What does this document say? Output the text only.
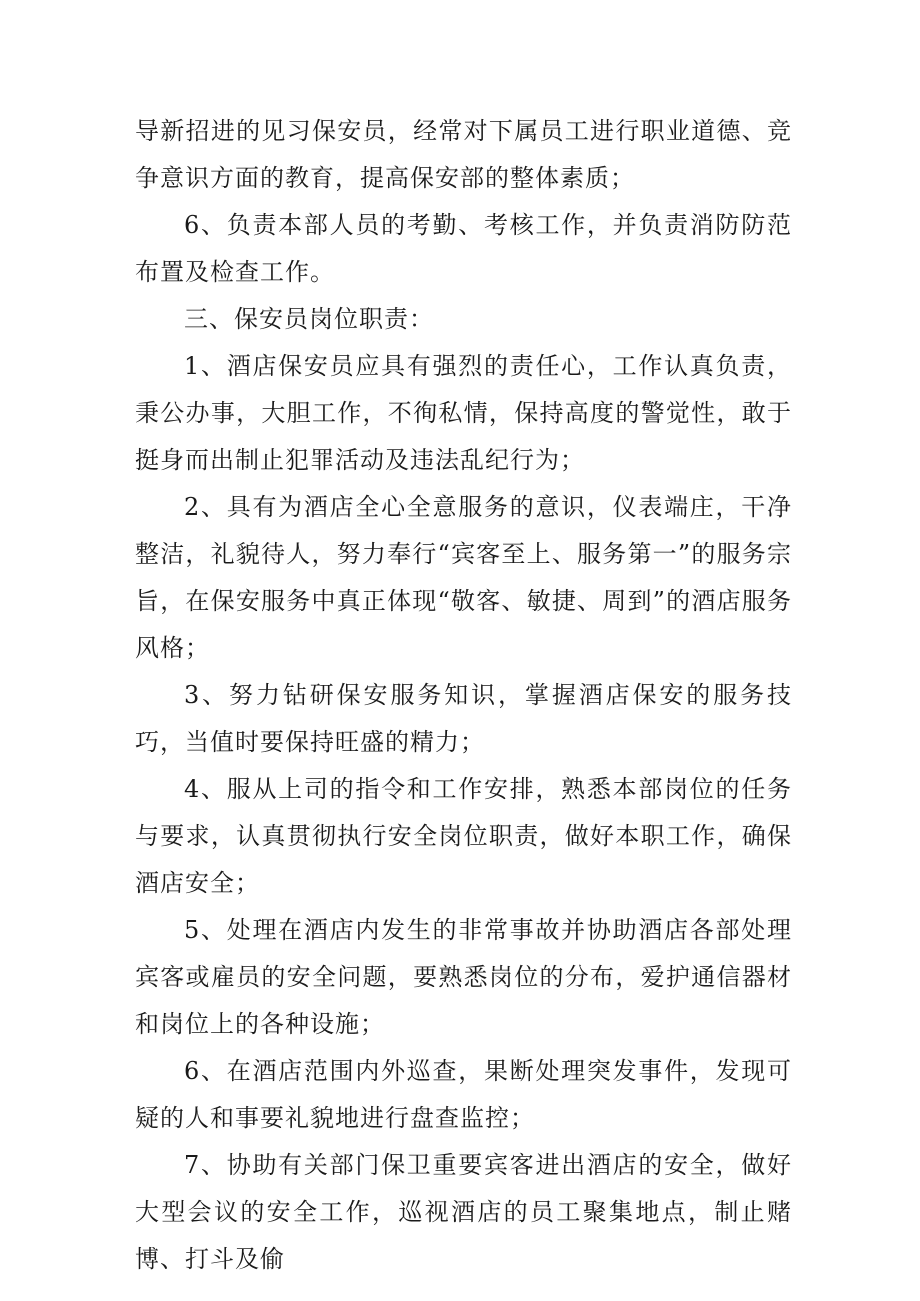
导新招进的见习保安员，经常对下属员工进行职业道德、竞争意识方面的教育，提高保安部的整体素质；

6、负责本部人员的考勤、考核工作，并负责消防防范布置及检查工作。

三、保安员岗位职责：

1、酒店保安员应具有强烈的责任心，工作认真负责，秉公办事，大胆工作，不徇私情，保持高度的警觉性，敢于挺身而出制止犯罪活动及违法乱纪行为；

2、具有为酒店全心全意服务的意识，仪表端庄，干净整洁，礼貌待人，努力奉行“宾客至上、服务第一”的服务宗旨，在保安服务中真正体现“敬客、敏捷、周到”的酒店服务风格；

3、努力钻研保安服务知识，掌握酒店保安的服务技巧，当值时要保持旺盛的精力；

4、服从上司的指令和工作安排，熟悉本部岗位的任务与要求，认真贯彻执行安全岗位职责，做好本职工作，确保酒店安全；

5、处理在酒店内发生的非常事故并协助酒店各部处理宾客或雇员的安全问题，要熟悉岗位的分布，爱护通信器材和岗位上的各种设施；

6、在酒店范围内外巡查，果断处理突发事件，发现可疑的人和事要礼貌地进行盘查监控；

7、协助有关部门保卫重要宾客进出酒店的安全，做好大型会议的安全工作，巡视酒店的员工聚集地点，制止赌博、打斗及偷
